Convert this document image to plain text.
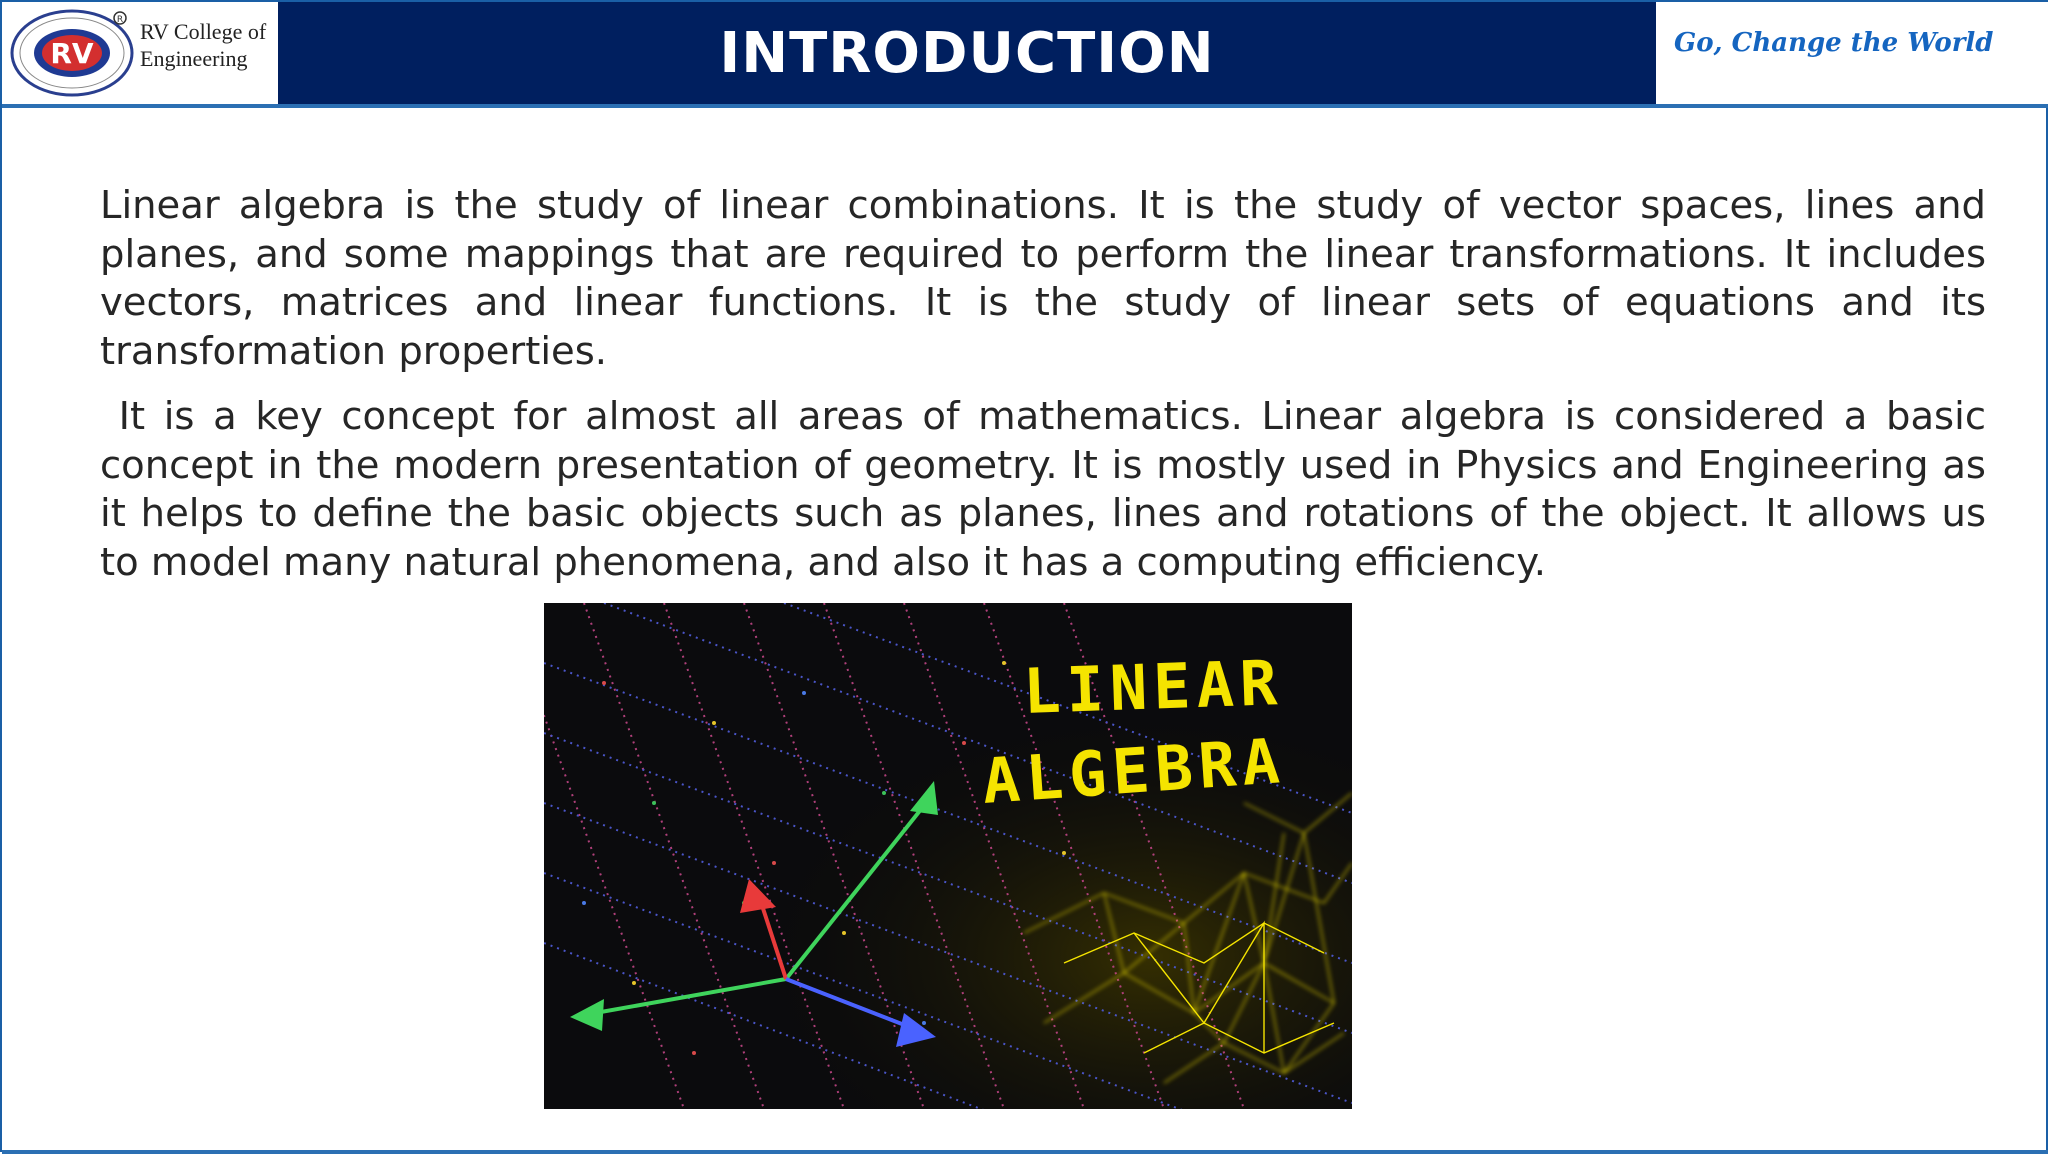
RV
R RV College of
Engineering	INTRODUCTION	Go, Change the World

Linear algebra is the study of linear combinations. It is the study of vector spaces, lines and planes, and some mappings that are required to perform the linear transformations. It includes vectors, matrices and linear functions. It is the study of linear sets of equations and its transformation properties.

It is a key concept for almost all areas of mathematics. Linear algebra is considered a basic concept in the modern presentation of geometry. It is mostly used in Physics and Engineering as it helps to define the basic objects such as planes, lines and rotations of the object. It allows us to model many natural phenomena, and also it has a computing efficiency.

LINEAR
ALGEBRA
